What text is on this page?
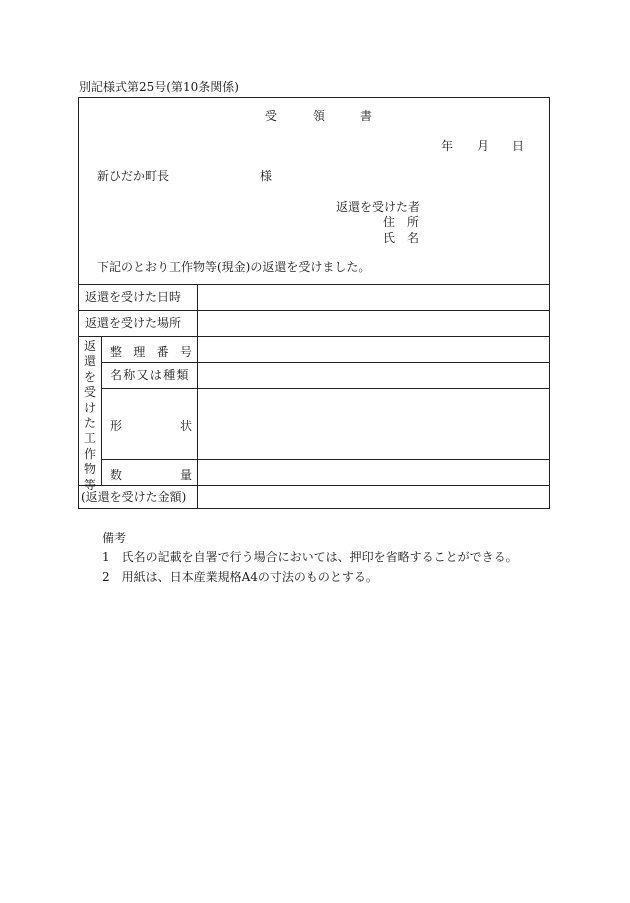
別記様式第25号(第10条関係)
受	領	書
年 月 日
新ひだか町長	様
返還を受けた者
住　所
氏　名
下記のとおり工作物等(現金)の返還を受けました。
返還を受けた日時
返還を受けた場所
返還を受けた工作物等
整 理 番 号
名称又は種類
形	状
数	量
(返還を受けた金額)
備考
1　氏名の記載を自署で行う場合においては、押印を省略することができる。
2　用紙は、日本産業規格A4の寸法のものとする。
